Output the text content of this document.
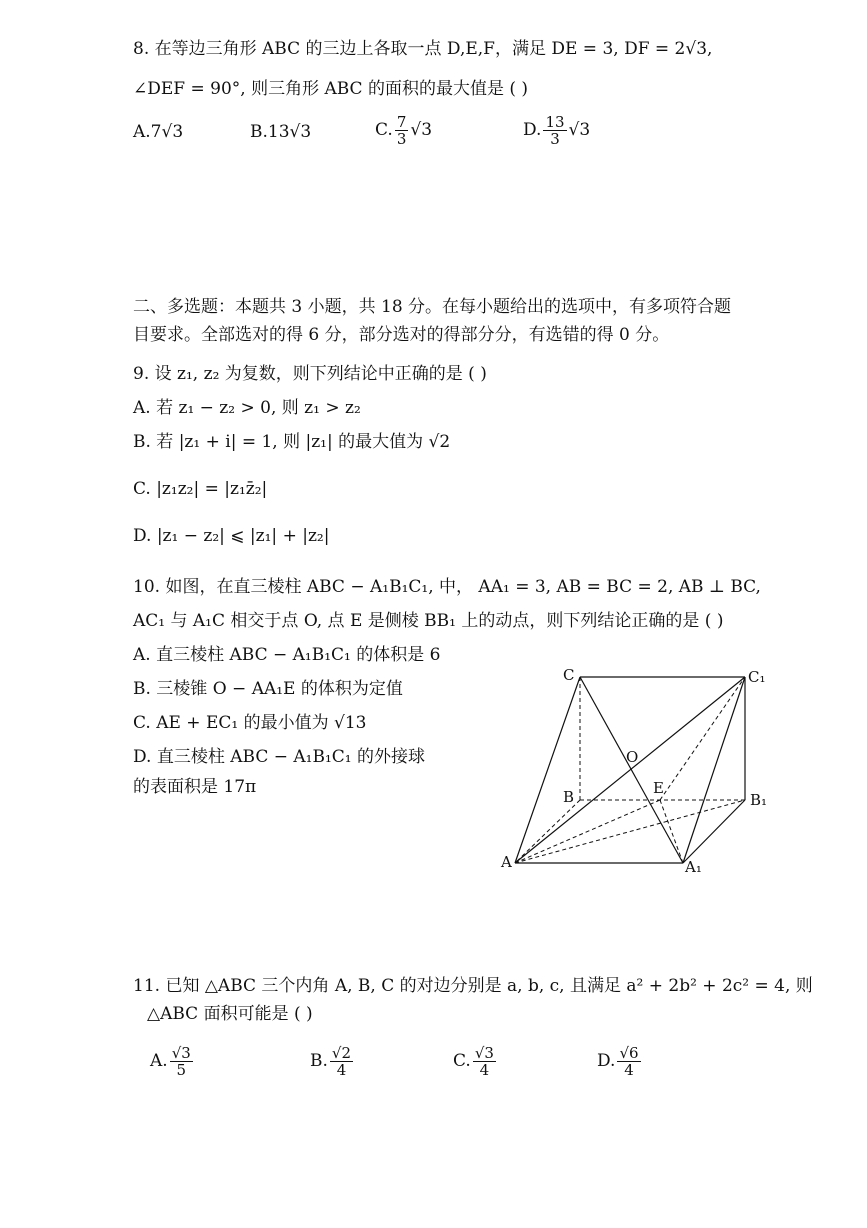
8. 在等边三角形 ABC 的三边上各取一点 D,E,F，满足 DE = 3, DF = 2√3,
∠DEF = 90°, 则三角形 ABC 的面积的最大值是 ( )
A.7√3	B.13√3	C. $\frac{7}{3} √3$	D. $\frac{13}{3} √3$
二、多选题：本题共 3 小题，共 18 分。在每小题给出的选项中，有多项符合题
目要求。全部选对的得 6 分，部分选对的得部分分，有选错的得 0 分。
9. 设 z₁, z₂ 为复数，则下列结论中正确的是 ( )
A. 若 z₁ − z₂ > 0, 则 z₁ > z₂
B. 若 |z₁ + i| = 1, 则 |z₁| 的最大值为 √2
C. |z₁z₂| = |z₁z̄₂|
D. |z₁ − z₂| ⩽ |z₁| + |z₂|
10. 如图，在直三棱柱 ABC − A₁B₁C₁, 中， AA₁ = 3, AB = BC = 2, AB ⊥ BC,
AC₁ 与 A₁C 相交于点 O, 点 E 是侧棱 BB₁ 上的动点，则下列结论正确的是 ( )
A. 直三棱柱 ABC − A₁B₁C₁ 的体积是 6
B. 三棱锥 O − AA₁E 的体积为定值
C. AE + EC₁ 的最小值为 √13
D. 直三棱柱 ABC − A₁B₁C₁ 的外接球
的表面积是 17π
C	C₁
O
B	E
B₁
A	A₁
11. 已知 △ABC 三个内角 A, B, C 的对边分别是 a, b, c, 且满足 a² + 2b² + 2c² = 4, 则
△ABC 面积可能是 ( )
A. $\frac{√3}{5}$	B. $\frac{√2}{4}$	C. $\frac{√3}{4}$	D. $\frac{√6}{4}$
